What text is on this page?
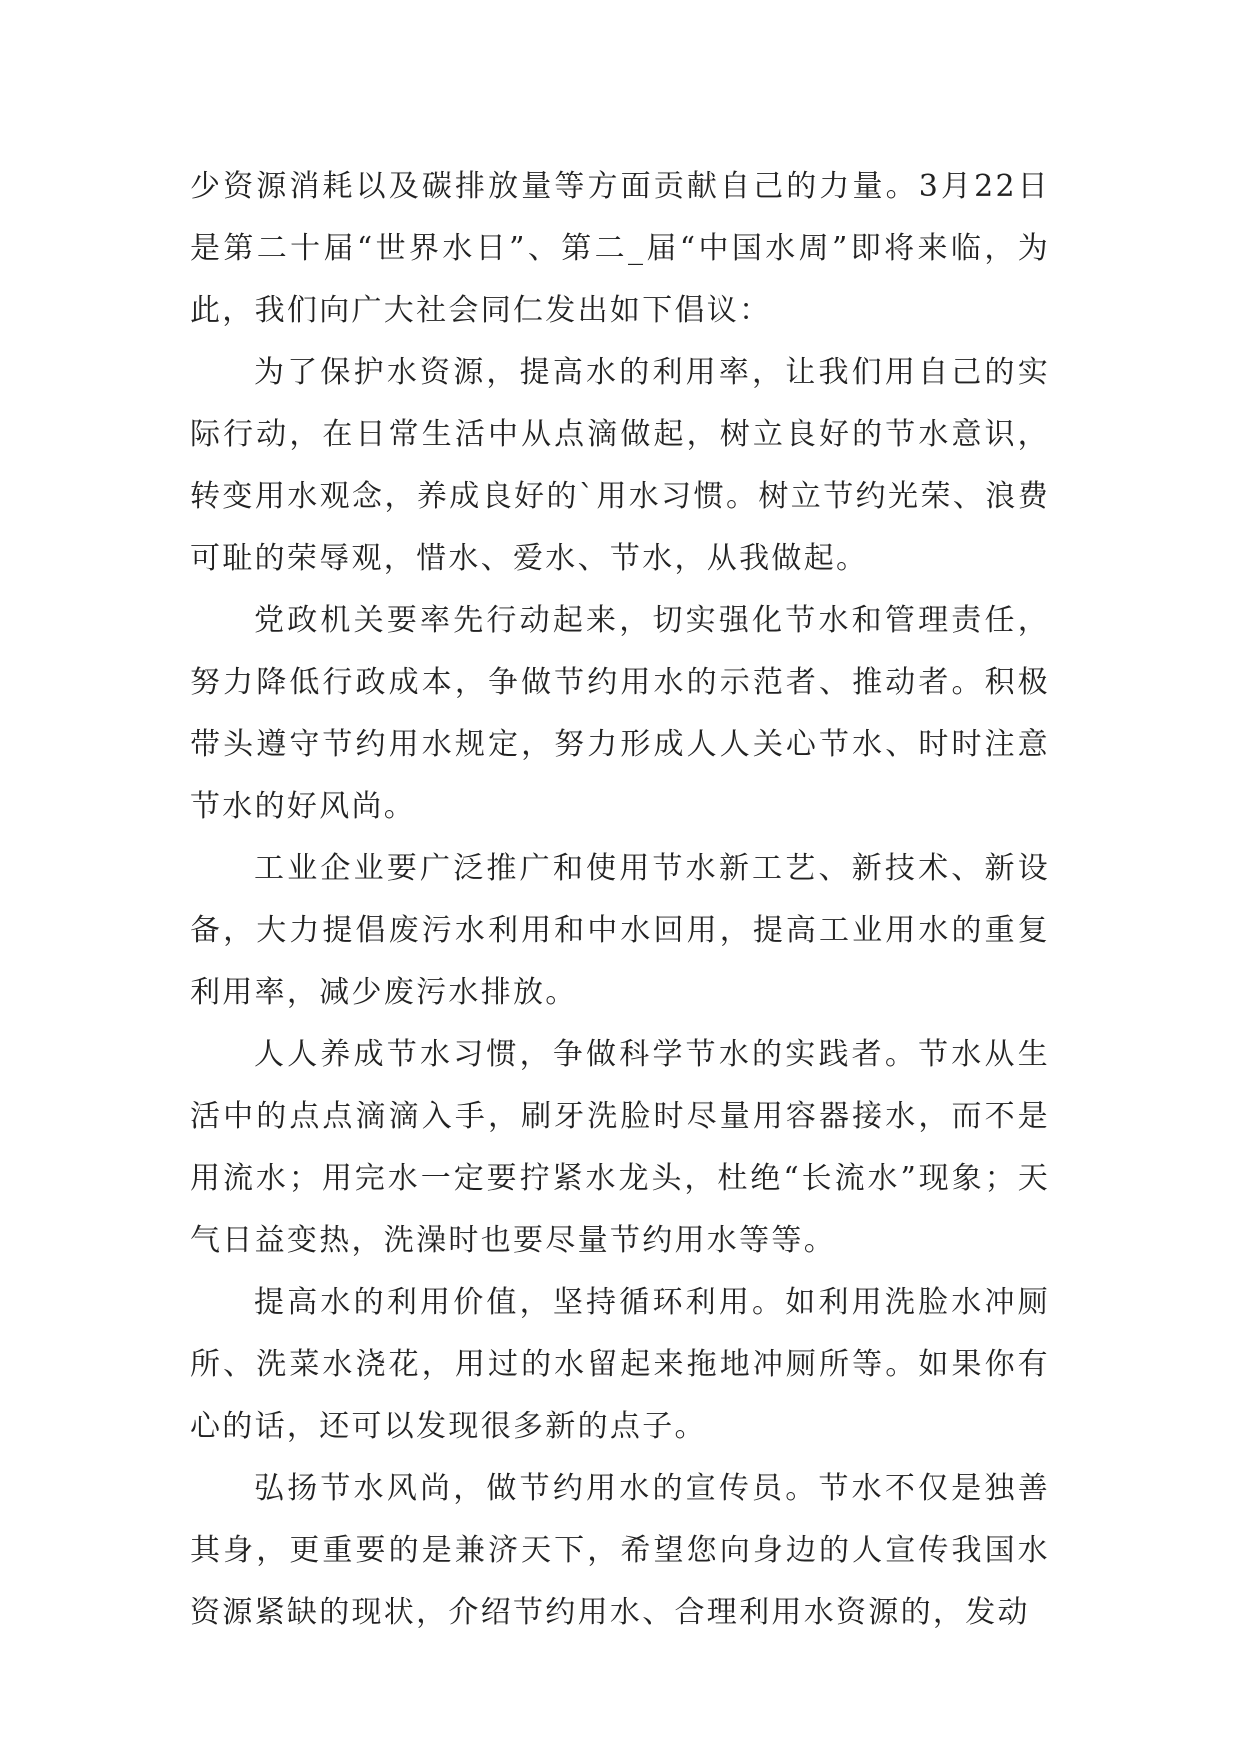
少资源消耗以及碳排放量等方面贡献自己的力量。3月22日是第二十届“世界水日”、第二_届“中国水周”即将来临，为此，我们向广大社会同仁发出如下倡议：

为了保护水资源，提高水的利用率，让我们用自己的实际行动，在日常生活中从点滴做起，树立良好的节水意识，转变用水观念，养成良好的`用水习惯。树立节约光荣、浪费可耻的荣辱观，惜水、爱水、节水，从我做起。

党政机关要率先行动起来，切实强化节水和管理责任，努力降低行政成本，争做节约用水的示范者、推动者。积极带头遵守节约用水规定，努力形成人人关心节水、时时注意节水的好风尚。

工业企业要广泛推广和使用节水新工艺、新技术、新设备，大力提倡废污水利用和中水回用，提高工业用水的重复利用率，减少废污水排放。

人人养成节水习惯，争做科学节水的实践者。节水从生活中的点点滴滴入手，刷牙洗脸时尽量用容器接水，而不是用流水；用完水一定要拧紧水龙头，杜绝“长流水”现象；天气日益变热，洗澡时也要尽量节约用水等等。

提高水的利用价值，坚持循环利用。如利用洗脸水冲厕所、洗菜水浇花，用过的水留起来拖地冲厕所等。如果你有心的话，还可以发现很多新的点子。

弘扬节水风尚，做节约用水的宣传员。节水不仅是独善其身，更重要的是兼济天下，希望您向身边的人宣传我国水资源紧缺的现状，介绍节约用水、合理利用水资源的，发动
